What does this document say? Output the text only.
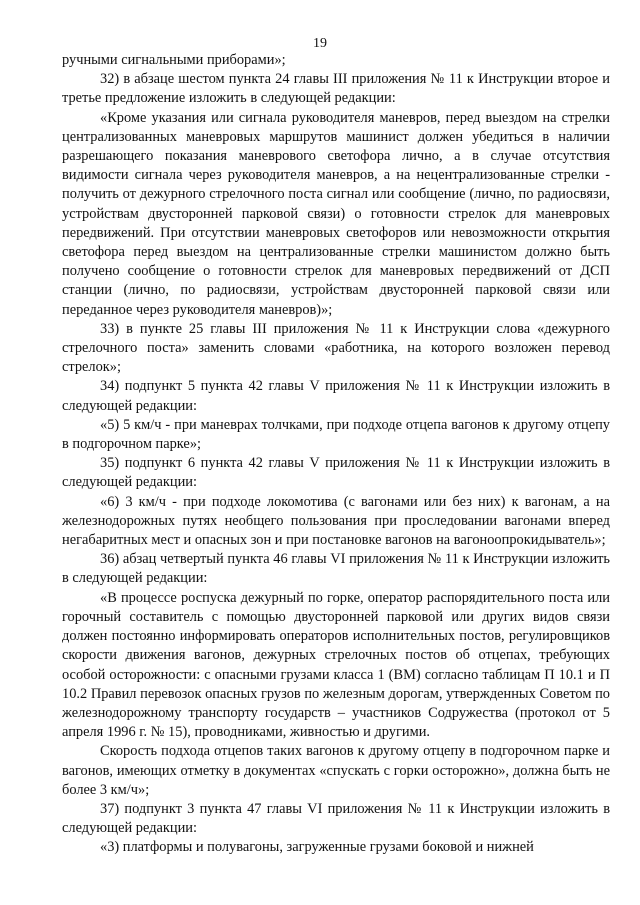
19

ручными сигнальными приборами»;

32) в абзаце шестом пункта 24 главы III приложения № 11 к Инструкции второе и третье предложение изложить в следующей редакции:

«Кроме указания или сигнала руководителя маневров, перед выездом на стрелки централизованных маневровых маршрутов машинист должен убедиться в наличии разрешающего показания маневрового светофора лично, а в случае отсутствия видимости сигнала через руководителя маневров, а на нецентрализованные стрелки - получить от дежурного стрелочного поста сигнал или сообщение (лично, по радиосвязи, устройствам двусторонней парковой связи) о готовности стрелок для маневровых передвижений. При отсутствии маневровых светофоров или невозможности открытия светофора перед выездом на централизованные стрелки машинистом должно быть получено сообщение о готовности стрелок для маневровых передвижений от ДСП станции (лично, по радиосвязи, устройствам двусторонней парковой связи или переданное через руководителя маневров)»;

33) в пункте 25 главы III приложения № 11 к Инструкции слова «дежурного стрелочного поста» заменить словами «работника, на которого возложен перевод стрелок»;

34) подпункт 5 пункта 42 главы V приложения № 11 к Инструкции изложить в следующей редакции:

«5) 5 км/ч - при маневрах толчками, при подходе отцепа вагонов к другому отцепу в подгорочном парке»;

35) подпункт 6 пункта 42 главы V приложения № 11 к Инструкции изложить в следующей редакции:

«6) 3 км/ч - при подходе локомотива (с вагонами или без них) к вагонам, а на железнодорожных путях необщего пользования при проследовании вагонами вперед негабаритных мест и опасных зон и при постановке вагонов на вагоноопрокидыватель»;

36) абзац четвертый пункта 46 главы VI приложения № 11 к Инструкции изложить в следующей редакции:

«В процессе роспуска дежурный по горке, оператор распорядительного поста или горочный составитель с помощью двусторонней парковой или других видов связи должен постоянно информировать операторов исполнительных постов, регулировщиков скорости движения вагонов, дежурных стрелочных постов об отцепах, требующих особой осторожности: с опасными грузами класса 1 (ВМ) согласно таблицам П 10.1 и П 10.2 Правил перевозок опасных грузов по железным дорогам, утвержденных Советом по железнодорожному транспорту государств – участников Содружества (протокол от 5 апреля 1996 г. № 15), проводниками, живностью и другими.

Скорость подхода отцепов таких вагонов к другому отцепу в подгорочном парке и вагонов, имеющих отметку в документах «спускать с горки осторожно», должна быть не более 3 км/ч»;

37) подпункт 3 пункта 47 главы VI приложения № 11 к Инструкции изложить в следующей редакции:

«3) платформы и полувагоны, загруженные грузами боковой и нижней
